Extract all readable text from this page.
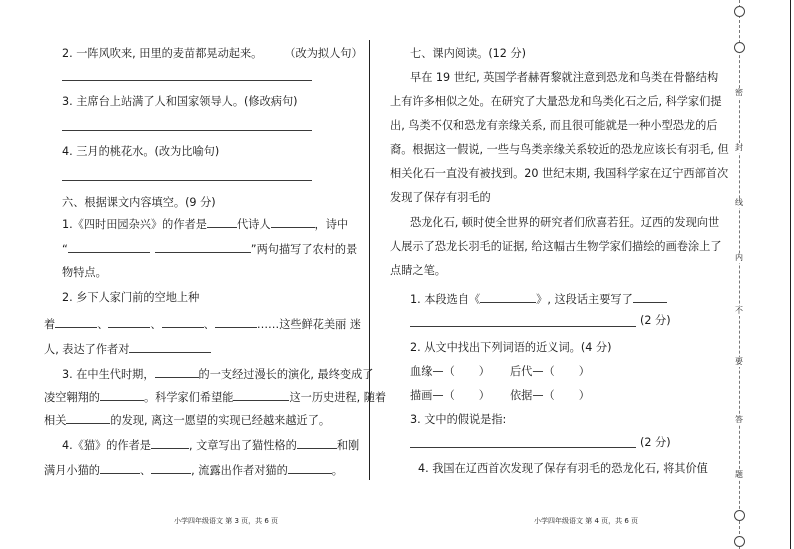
2. 一阵风吹来, 田里的麦苗都晃动起来。 （改为拟人句）
3. 主席台上站满了人和国家领导人。(修改病句)
4. 三月的桃花水。(改为比喻句)
六、根据课文内容填空。(9 分)
1.《四时田园杂兴》的作者是	代诗人	，诗中
“	”两句描写了农村的景
物特点。
2. 乡下人家门前的空地上种
着	、	、	、	……这些鲜花美丽 迷
人, 表达了作者对
3. 在中生代时期，	的一支经过漫长的演化, 最终变成了
凌空翱翔的	。科学家们希望能	这一历史进程, 随着
相关	的发现, 离这一愿望的实现已经越来越近了。
4.《猫》的作者是	, 文章写出了猫性格的	和刚
满月小猫的	、	, 流露出作者对猫的	。
七、课内阅读。(12 分)
早在 19 世纪, 英国学者赫胥黎就注意到恐龙和鸟类在骨骼结构
上有许多相似之处。在研究了大量恐龙和鸟类化石之后, 科学家们提
出, 鸟类不仅和恐龙有亲缘关系, 而且很可能就是一种小型恐龙的后
裔。根据这一假说, 一些与鸟类亲缘关系较近的恐龙应该长有羽毛, 但
相关化石一直没有被找到。20 世纪末期, 我国科学家在辽宁西部首次
发现了保存有羽毛的
恐龙化石, 顿时使全世界的研究者们欣喜若狂。辽西的发现向世
人展示了恐龙长羽毛的证据, 给这幅古生物学家们描绘的画卷涂上了
点睛之笔。
1. 本段选自《	》, 这段话主要写了
(2 分)
2. 从文中找出下列词语的近义词。(4 分)
血缘—（ ） 后代—（ ）
描画—（ ） 依据—（ ）
3. 文中的假说是指:
(2 分)
4. 我国在辽西首次发现了保存有羽毛的恐龙化石, 将其价值
小学四年级语文 第 3 页，共 6 页	小学四年级语文 第 4 页，共 6 页
密
封
线
内
不
要
答
题
